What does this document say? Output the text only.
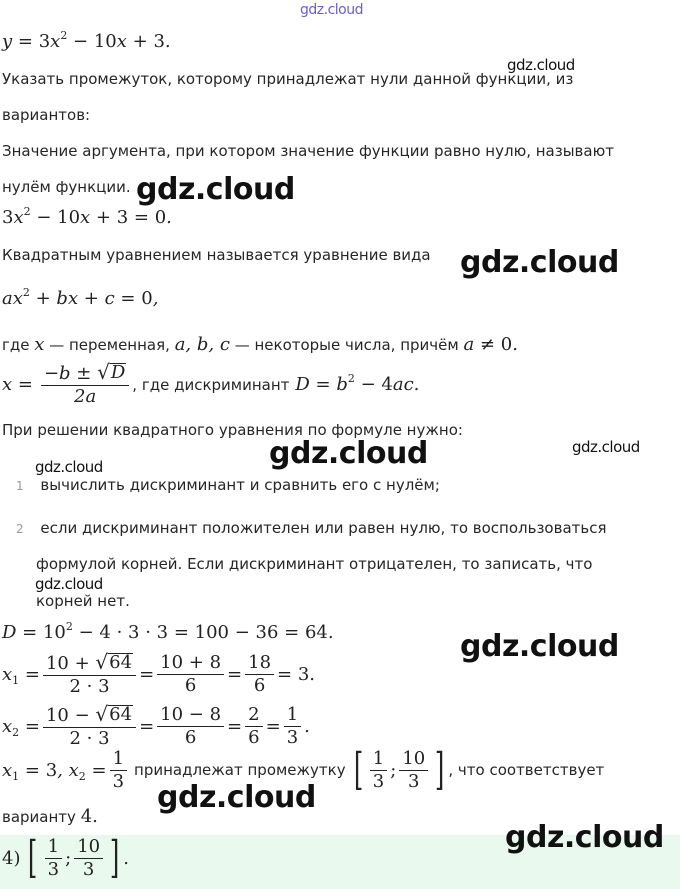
gdz.cloud
$y = 3x^2 - 10x + 3$.
gdz.cloud
Указать промежуток, которому принадлежат нули данной функции, из
вариантов:
Значение аргумента, при котором значение функции равно нулю, называют
нулём функции. gdz.cloud
$3x^2 - 10x + 3 = 0$.
Квадратным уравнением называется уравнение вида gdz.cloud
$ax^2$ + bx + c = 0,
где x — переменная, a, b, c — некоторые числа, причём a ≠ 0.
$x = \frac{-b \pm √ D}{2a}$ , где дискриминант $D = b^2 - 4ac$.
При решении квадратного уравнения по формуле нужно:
gdz.cloud
gdz.cloud
gdz.cloud
1 вычислить дискриминант и сравнить его с нулём;
2 если дискриминант положителен или равен нулю, то воспользоваться
формулой корней. Если дискриминант отрицателен, то записать, что
gdz.cloud
корней нет.
$D = 10^2 - 4 \cdot 3 \cdot 3 = 100 - 36 = 64$.	gdz.cloud
$x_1 = \frac{10 + √ 64}{2 \cdot 3} = \frac{10 + 8}{6} = \frac{18}{6} = 3$.
$x_2 = \frac{10 - √ 64}{2 \cdot 3} = \frac{10 - 8}{6} = \frac{2}{6} = \frac{1}{3}$ .
$x_1 = 3$, $x_2 = \frac{1}{3}$ принадлежат промежутку [ $\frac{1}{3}$ ; $\frac{10}{3}$ ] , что соответствует
gdz.cloud
варианту 4.
4) [ $\frac{1}{3}$ ; $\frac{10}{3}$ ] .
gdz.cloud
